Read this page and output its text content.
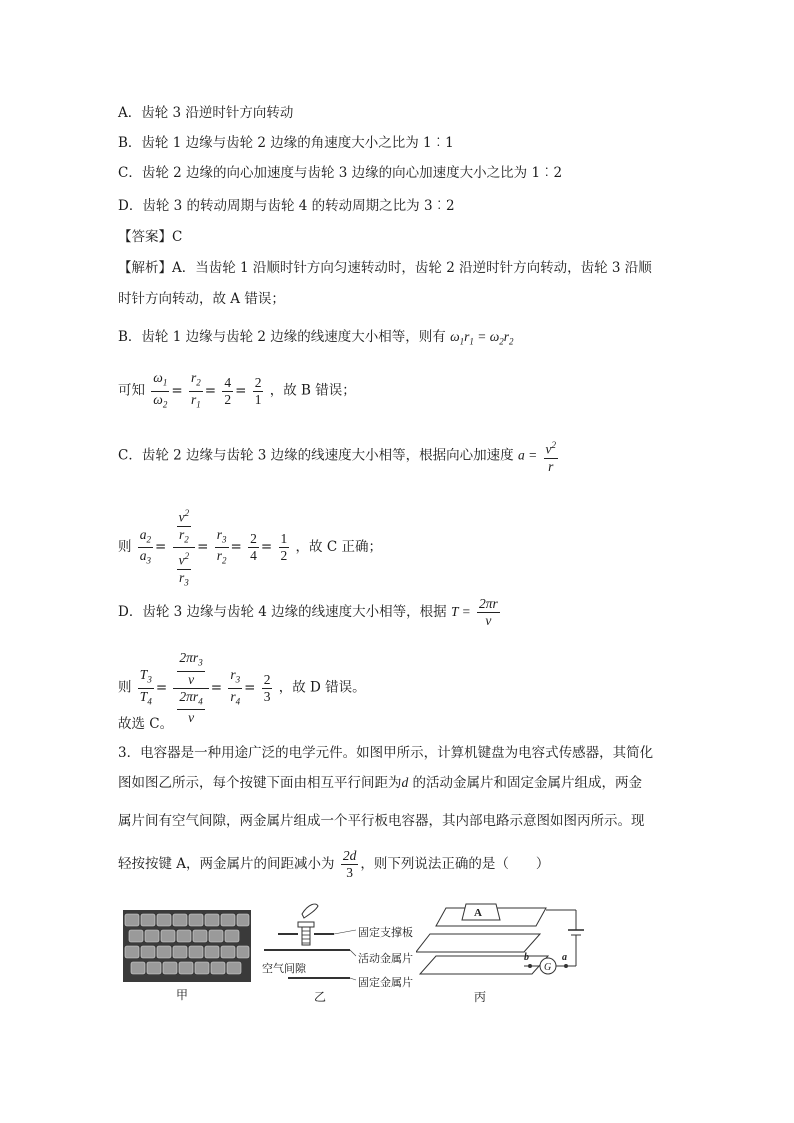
A．齿轮 3 沿逆时针方向转动
B．齿轮 1 边缘与齿轮 2 边缘的角速度大小之比为 1︰1
C．齿轮 2 边缘的向心加速度与齿轮 3 边缘的向心加速度大小之比为 1︰2
D．齿轮 3 的转动周期与齿轮 4 的转动周期之比为 3︰2
【答案】C
【解析】A．当齿轮 1 沿顺时针方向匀速转动时，齿轮 2 沿逆时针方向转动，齿轮 3 沿顺
时针方向转动，故 A 错误；
B．齿轮 1 边缘与齿轮 2 边缘的线速度大小相等，则有 $\omega_1r_1 = \omega_2r_2$
可知 $\frac{\omega_1}{\omega_2} = \frac{r_2}{r_1} = \frac{4}{2} = \frac{2}{1}$ ，故 B 错误；
C．齿轮 2 边缘与齿轮 3 边缘的线速度大小相等，根据向心加速度 $a = \frac{v^2}{r}$
则 $\frac{a_2}{a_3} = \frac{\frac{v^2}{r_2}}{\frac{v^2}{r_3}} = \frac{r_3}{r_2} = \frac{2}{4} = \frac{1}{2}$ ，故 C 正确；
D．齿轮 3 边缘与齿轮 4 边缘的线速度大小相等，根据 $T = \frac{2\pi r}{v}$
则 $\frac{T_3}{T_4} = \frac{\frac{2\pi r_3}{v}}{\frac{2\pi r_4}{v}} = \frac{r_3}{r_4} = \frac{2}{3}$ ，故 D 错误。
故选 C。
3．电容器是一种用途广泛的电学元件。如图甲所示，计算机键盘为电容式传感器，其简化
图如图乙所示，每个按键下面由相互平行间距为d 的活动金属片和固定金属片组成，两金
属片间有空气间隙，两金属片组成一个平行板电容器，其内部电路示意图如图丙所示。现
轻按按键 A，两金属片的间距减小为 $\frac{2d}{3}$ ，则下列说法正确的是（　　）
甲
固定支撑板
活动金属片
空气间隙
固定金属片
乙
A
G
b	a
丙
